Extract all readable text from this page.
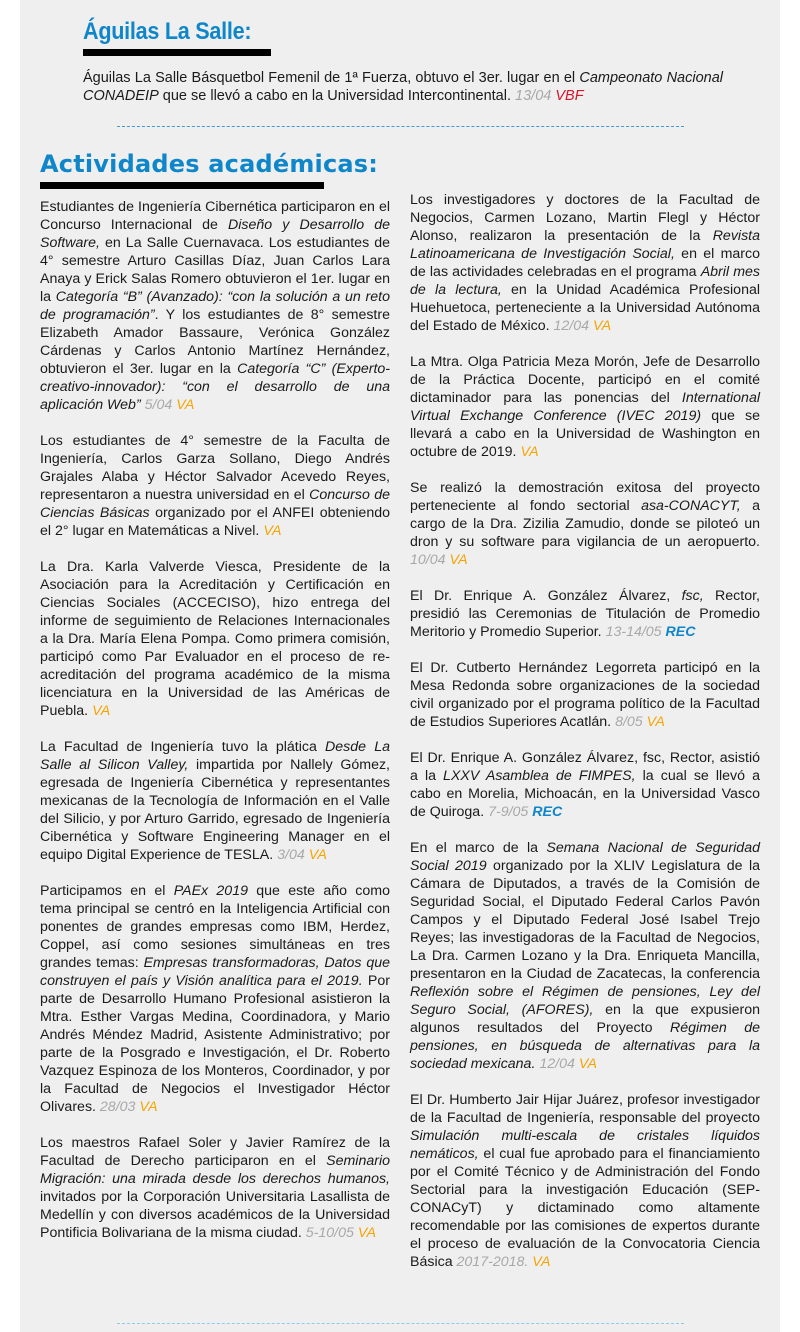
Águilas La Salle:

Águilas La Salle Básquetbol Femenil de 1ª Fuerza, obtuvo el 3er. lugar en el Campeonato Nacional CONADEIP que se llevó a cabo en la Universidad Intercontinental. 13/04 VBF

Actividades académicas:

Estudiantes de Ingeniería Cibernética participaron en el Concurso Internacional de Diseño y Desarrollo de Software, en La Salle Cuernavaca. Los estudiantes de 4° semestre Arturo Casillas Díaz, Juan Carlos Lara Anaya y Erick Salas Romero obtuvieron el 1er. lugar en la Categoría “B” (Avanzado): “con la solución a un reto de programación”. Y los estudiantes de 8° semestre Elizabeth Amador Bassaure, Verónica González Cárdenas y Carlos Antonio Martínez Hernández, obtuvieron el 3er. lugar en la Categoría “C” (Experto-creativo-innovador): “con el desarrollo de una aplicación Web” 5/04 VA

Los estudiantes de 4° semestre de la Faculta de Ingeniería, Carlos Garza Sollano, Diego Andrés Grajales Alaba y Héctor Salvador Acevedo Reyes, representaron a nuestra universidad en el Concurso de Ciencias Básicas organizado por el ANFEI obteniendo el 2° lugar en Matemáticas a Nivel. VA

La Dra. Karla Valverde Viesca, Presidente de la Asociación para la Acreditación y Certificación en Ciencias Sociales (ACCECISO), hizo entrega del informe de seguimiento de Relaciones Internacionales a la Dra. María Elena Pompa. Como primera comisión, participó como Par Evaluador en el proceso de re-acreditación del programa académico de la misma licenciatura en la Universidad de las Américas de Puebla. VA

La Facultad de Ingeniería tuvo la plática Desde La Salle al Silicon Valley, impartida por Nallely Gómez, egresada de Ingeniería Cibernética y representantes mexicanas de la Tecnología de Información en el Valle del Silicio, y por Arturo Garrido, egresado de Ingeniería Cibernética y Software Engineering Manager en el equipo Digital Experience de TESLA. 3/04 VA

Participamos en el PAEx 2019 que este año como tema principal se centró en la Inteligencia Artificial con ponentes de grandes empresas como IBM, Herdez, Coppel, así como sesiones simultáneas en tres grandes temas: Empresas transformadoras, Datos que construyen el país y Visión analítica para el 2019. Por parte de Desarrollo Humano Profesional asistieron la Mtra. Esther Vargas Medina, Coordinadora, y Mario Andrés Méndez Madrid, Asistente Administrativo; por parte de la Posgrado e Investigación, el Dr. Roberto Vazquez Espinoza de los Monteros, Coordinador, y por la Facultad de Negocios el Investigador Héctor Olivares. 28/03 VA

Los maestros Rafael Soler y Javier Ramírez de la Facultad de Derecho participaron en el Seminario Migración: una mirada desde los derechos humanos, invitados por la Corporación Universitaria Lasallista de Medellín y con diversos académicos de la Universidad Pontificia Bolivariana de la misma ciudad. 5-10/05 VA

Los investigadores y doctores de la Facultad de Negocios, Carmen Lozano, Martin Flegl y Héctor Alonso, realizaron la presentación de la Revista Latinoamericana de Investigación Social, en el marco de las actividades celebradas en el programa Abril mes de la lectura, en la Unidad Académica Profesional Huehuetoca, perteneciente a la Universidad Autónoma del Estado de México. 12/04 VA

La Mtra. Olga Patricia Meza Morón, Jefe de Desarrollo de la Práctica Docente, participó en el comité dictaminador para las ponencias del International Virtual Exchange Conference (IVEC 2019) que se llevará a cabo en la Universidad de Washington en octubre de 2019. VA

Se realizó la demostración exitosa del proyecto perteneciente al fondo sectorial asa-CONACYT, a cargo de la Dra. Zizilia Zamudio, donde se piloteó un dron y su software para vigilancia de un aeropuerto. 10/04 VA

El Dr. Enrique A. González Álvarez, fsc, Rector, presidió las Ceremonias de Titulación de Promedio Meritorio y Promedio Superior. 13-14/05 REC

El Dr. Cutberto Hernández Legorreta participó en la Mesa Redonda sobre organizaciones de la sociedad civil organizado por el programa político de la Facultad de Estudios Superiores Acatlán. 8/05 VA

El Dr. Enrique A. González Álvarez, fsc, Rector, asistió a la LXXV Asamblea de FIMPES, la cual se llevó a cabo en Morelia, Michoacán, en la Universidad Vasco de Quiroga. 7-9/05 REC

En el marco de la Semana Nacional de Seguridad Social 2019 organizado por la XLIV Legislatura de la Cámara de Diputados, a través de la Comisión de Seguridad Social, el Diputado Federal Carlos Pavón Campos y el Diputado Federal José Isabel Trejo Reyes; las investigadoras de la Facultad de Negocios, La Dra. Carmen Lozano y la Dra. Enriqueta Mancilla, presentaron en la Ciudad de Zacatecas, la conferencia Reflexión sobre el Régimen de pensiones, Ley del Seguro Social, (AFORES), en la que expusieron algunos resultados del Proyecto Régimen de pensiones, en búsqueda de alternativas para la sociedad mexicana. 12/04 VA

El Dr. Humberto Jair Hijar Juárez, profesor investigador de la Facultad de Ingeniería, responsable del proyecto Simulación multi-escala de cristales líquidos nemáticos, el cual fue aprobado para el financiamiento por el Comité Técnico y de Administración del Fondo Sectorial para la investigación Educación (SEP-CONACyT) y dictaminado como altamente recomendable por las comisiones de expertos durante el proceso de evaluación de la Convocatoria Ciencia Básica 2017-2018. VA
